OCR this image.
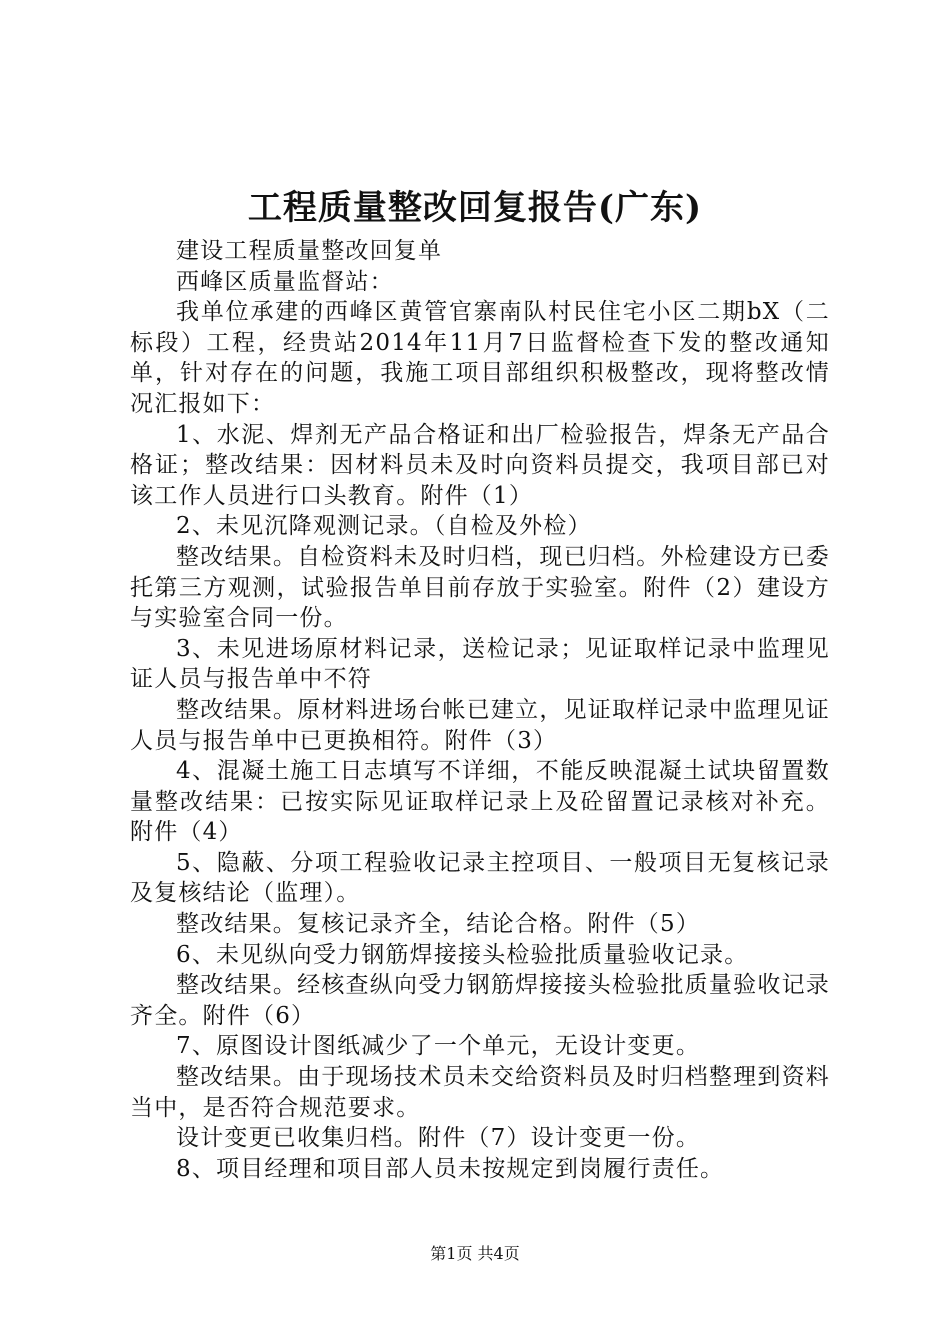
工程质量整改回复报告(广东)

建设工程质量整改回复单

西峰区质量监督站：

我单位承建的西峰区黄管官寨南队村民住宅小区二期bX（二标段）工程，经贵站2014年11月7日监督检查下发的整改通知单，针对存在的问题，我施工项目部组织积极整改，现将整改情况汇报如下：

1、水泥、焊剂无产品合格证和出厂检验报告，焊条无产品合格证；整改结果：因材料员未及时向资料员提交，我项目部已对该工作人员进行口头教育。附件（1）

2、未见沉降观测记录。（自检及外检）

整改结果。自检资料未及时归档，现已归档。外检建设方已委托第三方观测，试验报告单目前存放于实验室。附件（2）建设方与实验室合同一份。

3、未见进场原材料记录，送检记录；见证取样记录中监理见证人员与报告单中不符

整改结果。原材料进场台帐已建立，见证取样记录中监理见证人员与报告单中已更换相符。附件（3）

4、混凝土施工日志填写不详细，不能反映混凝土试块留置数量整改结果：已按实际见证取样记录上及砼留置记录核对补充。附件（4）

5、隐蔽、分项工程验收记录主控项目、一般项目无复核记录及复核结论（监理）。

整改结果。复核记录齐全，结论合格。附件（5）

6、未见纵向受力钢筋焊接接头检验批质量验收记录。

整改结果。经核查纵向受力钢筋焊接接头检验批质量验收记录齐全。附件（6）

7、原图设计图纸减少了一个单元，无设计变更。

整改结果。由于现场技术员未交给资料员及时归档整理到资料当中，是否符合规范要求。

设计变更已收集归档。附件（7）设计变更一份。

8、项目经理和项目部人员未按规定到岗履行责任。

第1页 共4页
